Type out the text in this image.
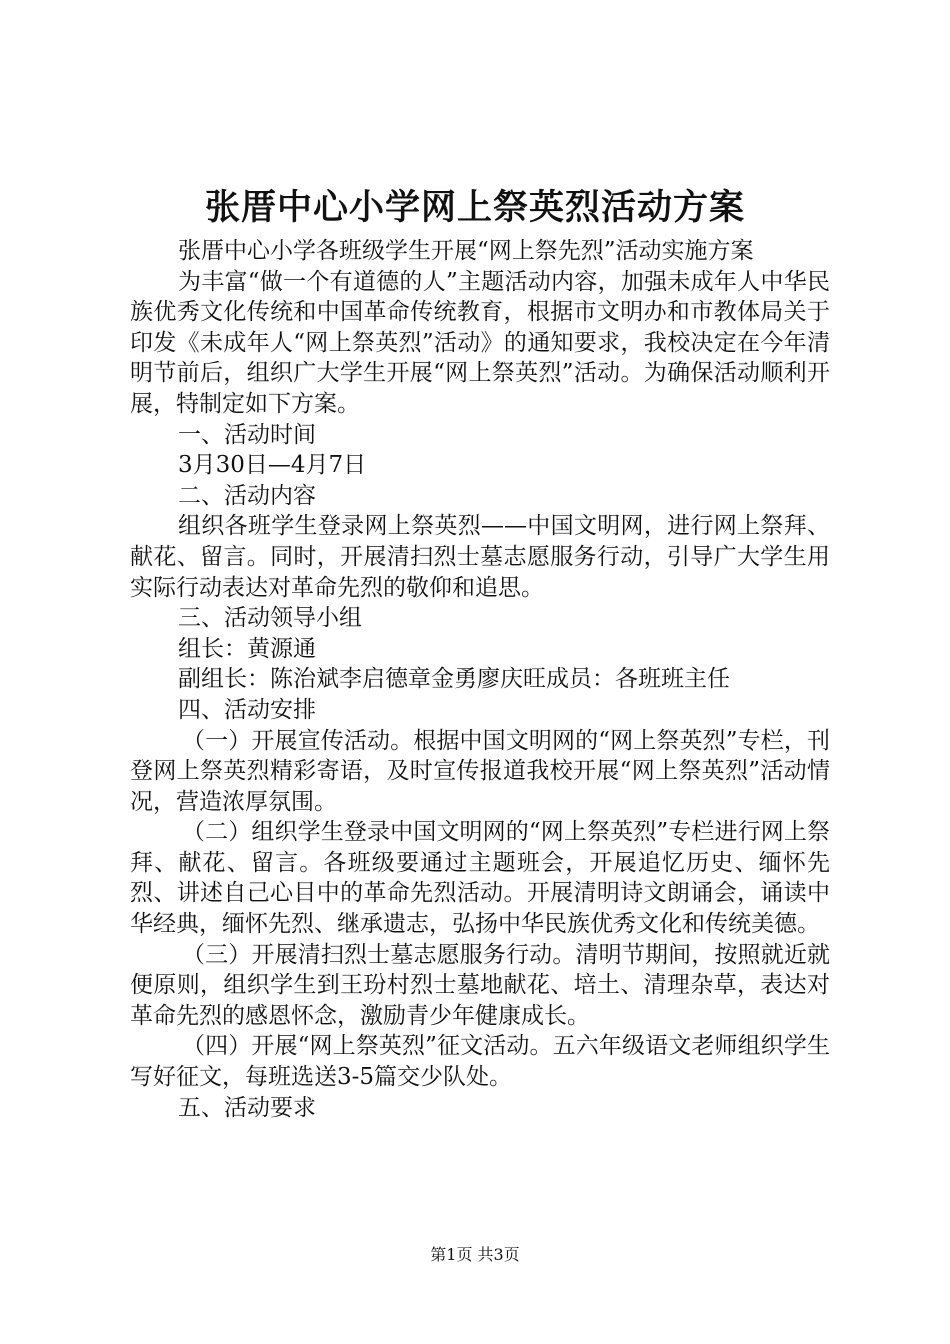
张厝中心小学网上祭英烈活动方案

张厝中心小学各班级学生开展“网上祭先烈”活动实施方案

为丰富“做一个有道德的人”主题活动内容，加强未成年人中华民族优秀文化传统和中国革命传统教育，根据市文明办和市教体局关于印发《未成年人“网上祭英烈”活动》的通知要求，我校决定在今年清明节前后，组织广大学生开展“网上祭英烈”活动。为确保活动顺利开展，特制定如下方案。

一、活动时间

3月30日—4月7日

二、活动内容

组织各班学生登录网上祭英烈——中国文明网，进行网上祭拜、献花、留言。同时，开展清扫烈士墓志愿服务行动，引导广大学生用实际行动表达对革命先烈的敬仰和追思。

三、活动领导小组

组长：黄源通

副组长：陈治斌李启德章金勇廖庆旺成员：各班班主任

四、活动安排

（一）开展宣传活动。根据中国文明网的“网上祭英烈”专栏，刊登网上祭英烈精彩寄语，及时宣传报道我校开展“网上祭英烈”活动情况，营造浓厚氛围。

（二）组织学生登录中国文明网的“网上祭英烈”专栏进行网上祭拜、献花、留言。各班级要通过主题班会，开展追忆历史、缅怀先烈、讲述自己心目中的革命先烈活动。开展清明诗文朗诵会，诵读中华经典，缅怀先烈、继承遗志，弘扬中华民族优秀文化和传统美德。

（三）开展清扫烈士墓志愿服务行动。清明节期间，按照就近就便原则，组织学生到王玢村烈士墓地献花、培土、清理杂草，表达对革命先烈的感恩怀念，激励青少年健康成长。

（四）开展“网上祭英烈”征文活动。五六年级语文老师组织学生写好征文，每班选送3-5篇交少队处。

五、活动要求

第1页 共3页
